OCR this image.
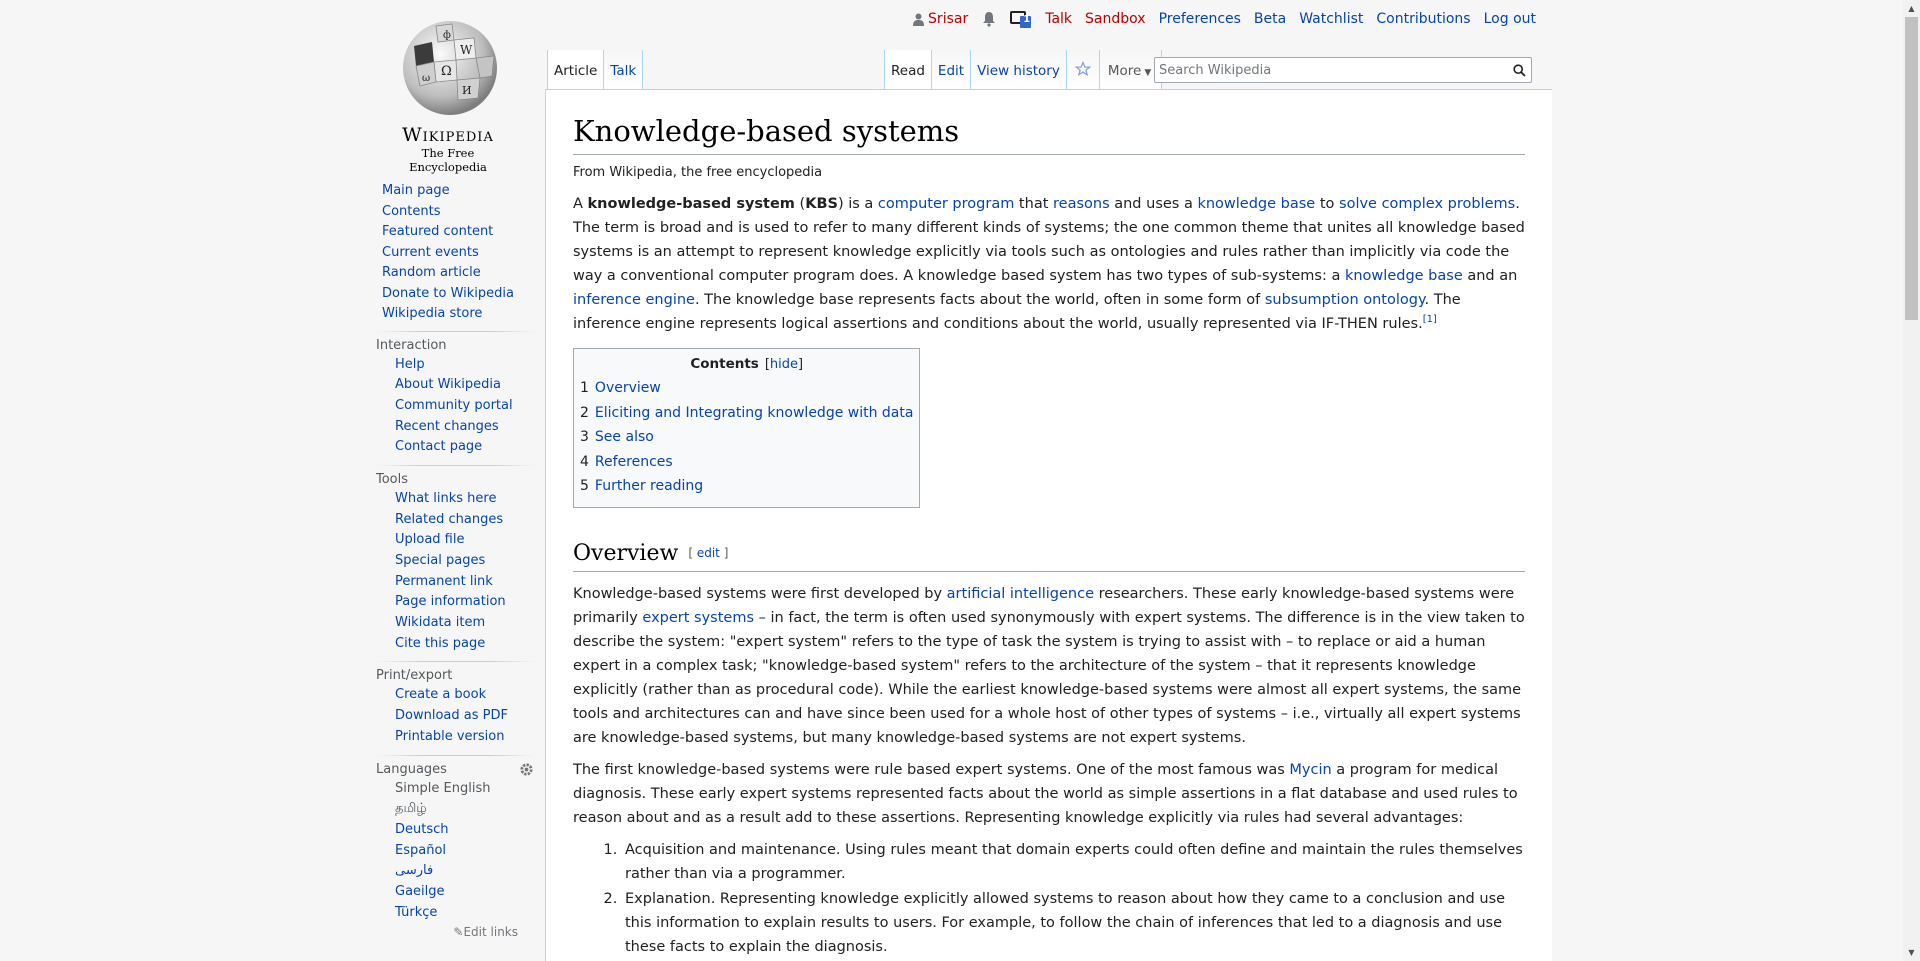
Srisar	1 Talk Sandbox Preferences Beta Watchlist Contributions Log out
Ω
W
И
ф
ω
Wikipedia
The Free Encyclopedia
Main page
Contents
Featured content
Current events
Random article
Donate to Wikipedia
Wikipedia store
Interaction
Help
About Wikipedia
Community portal
Recent changes
Contact page
Tools
What links here
Related changes
Upload file
Special pages
Permanent link
Page information
Wikidata item
Cite this page
Print/export
Create a book
Download as PDF
Printable version
Languages
Simple English
தமிழ்
Deutsch
Español
فارسی
Gaeilge
Türkçe
✎Edit links
Article Talk	Read Edit View history	More ▼
Search Wikipedia
Knowledge-based systems
From Wikipedia, the free encyclopedia

A knowledge-based system (KBS) is a computer program that reasons and uses a knowledge base to solve complex problems. The term is broad and is used to refer to many different kinds of systems; the one common theme that unites all knowledge based systems is an attempt to represent knowledge explicitly via tools such as ontologies and rules rather than implicitly via code the way a conventional computer program does. A knowledge based system has two types of sub-systems: a knowledge base and an inference engine. The knowledge base represents facts about the world, often in some form of subsumption ontology. The inference engine represents logical assertions and conditions about the world, usually represented via IF-THEN rules.[1]

Contents [hide]
1 Overview
2 Eliciting and Integrating knowledge with data
3 See also
4 References
5 Further reading
Overview [ edit ]

Knowledge-based systems were first developed by artificial intelligence researchers. These early knowledge-based systems were primarily expert systems – in fact, the term is often used synonymously with expert systems. The difference is in the view taken to describe the system: "expert system" refers to the type of task the system is trying to assist with – to replace or aid a human expert in a complex task; "knowledge-based system" refers to the architecture of the system – that it represents knowledge explicitly (rather than as procedural code). While the earliest knowledge-based systems were almost all expert systems, the same tools and architectures can and have since been used for a whole host of other types of systems – i.e., virtually all expert systems are knowledge-based systems, but many knowledge-based systems are not expert systems.

The first knowledge-based systems were rule based expert systems. One of the most famous was Mycin a program for medical diagnosis. These early expert systems represented facts about the world as simple assertions in a flat database and used rules to reason about and as a result add to these assertions. Representing knowledge explicitly via rules had several advantages:

1. Acquisition and maintenance. Using rules meant that domain experts could often define and maintain the rules themselves rather than via a programmer.
2. Explanation. Representing knowledge explicitly allowed systems to reason about how they came to a conclusion and use this information to explain results to users. For example, to follow the chain of inferences that led to a diagnosis and use these facts to explain the diagnosis.
▲
▼
